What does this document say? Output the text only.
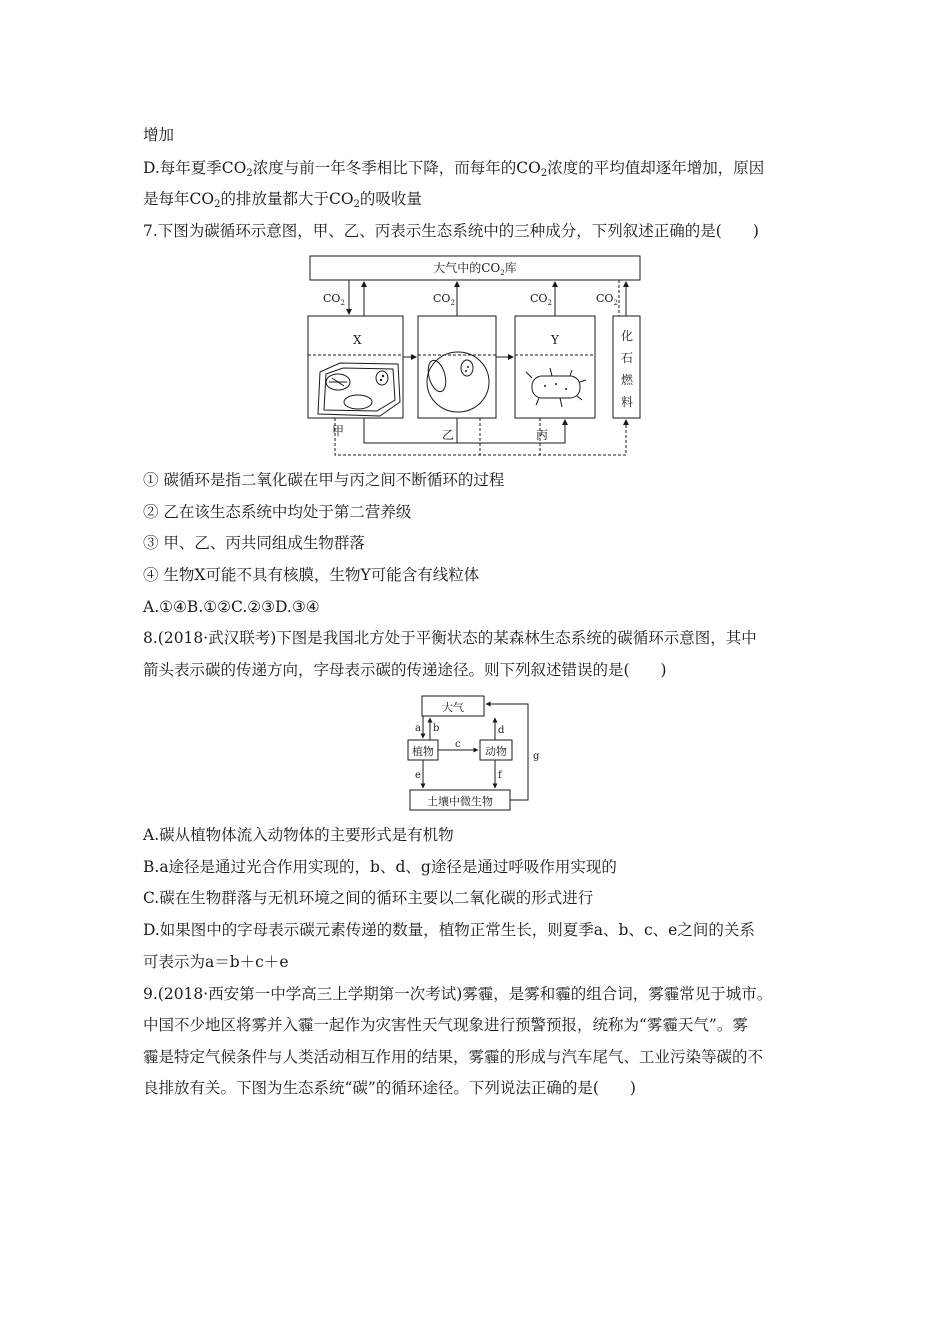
增加
D.每年夏季$CO_2$浓度与前一年冬季相比下降，而每年的$CO_2$浓度的平均值却逐年增加，原因
是每年$CO_2$的排放量都大于$CO_2$的吸收量
7.下图为碳循环示意图，甲、乙、丙表示生态系统中的三种成分，下列叙述正确的是(　　)
大气中的$CO_2$库
$CO_2$	$CO_2$	$CO_2$	$CO_2$
X	Y	化
石
燃
料
甲	乙	丙
① 碳循环是指二氧化碳在甲与丙之间不断循环的过程
② 乙在该生态系统中均处于第二营养级
③ 甲、乙、丙共同组成生物群落
④ 生物X可能不具有核膜，生物Y可能含有线粒体
A.①④B.①②C.②③D.③④
8.(2018·武汉联考)下图是我国北方处于平衡状态的某森林生态系统的碳循环示意图，其中
箭头表示碳的传递方向，字母表示碳的传递途径。则下列叙述错误的是(　　)
大气
植物	动物
土壤中微生物
a b
c
d
e	f
g
A.碳从植物体流入动物体的主要形式是有机物
B.a途径是通过光合作用实现的，b、d、g途径是通过呼吸作用实现的
C.碳在生物群落与无机环境之间的循环主要以二氧化碳的形式进行
D.如果图中的字母表示碳元素传递的数量，植物正常生长，则夏季a、b、c、e之间的关系
可表示为a＝b＋c＋e
9.(2018·西安第一中学高三上学期第一次考试)雾霾，是雾和霾的组合词，雾霾常见于城市。
中国不少地区将雾并入霾一起作为灾害性天气现象进行预警预报，统称为“雾霾天气”。雾
霾是特定气候条件与人类活动相互作用的结果，雾霾的形成与汽车尾气、工业污染等碳的不
良排放有关。下图为生态系统“碳”的循环途径。下列说法正确的是(　　)
